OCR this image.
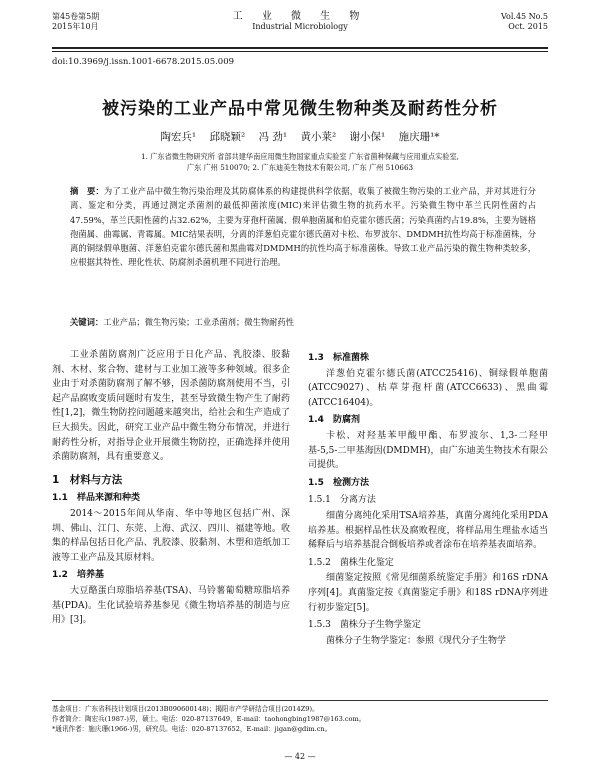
第45卷第5期
2015年10月
工 业 微 生 物
Industrial Microbiology
Vol.45 No.5
Oct. 2015
doi:10.3969/j.issn.1001-6678.2015.05.009
被污染的工业产品中常见微生物种类及耐药性分析
陶宏兵¹ 邱晓颖² 冯 劲¹ 黄小莱² 谢小保¹ 施庆珊¹*
1. 广东省微生物研究所 省部共建华南应用微生物国家重点实验室 广东省菌种保藏与应用重点实验室,
广东 广州 510070; 2. 广东迪美生物技术有限公司, 广东 广州 510663
摘　要：为了工业产品中微生物污染治理及其防腐体系的构建提供科学依据，收集了被微生物污染的工业产品，并对其进行分离、鉴定和分类，再通过测定杀菌剂的最低抑菌浓度(MIC)来评估微生物的抗药水平。污染微生物中革兰氏阴性菌约占47.59%，革兰氏阳性菌约占32.62%，主要为芽孢杆菌属、假单胞菌属和伯克霍尔德氏菌；污染真菌约占19.8%，主要为链格孢菌属、曲霉属、青霉属。MIC结果表明，分离的洋葱伯克霍尔德氏菌对卡松、布罗波尔、DMDMH抗性均高于标准菌株，分离的铜绿假单胞菌、洋葱伯克霍尔德氏菌和黑曲霉对DMDMH的抗性均高于标准菌株。导致工业产品污染的微生物种类较多，应根据其特性、理化性状、防腐剂杀菌机理不同进行治理。
关键词：工业产品；微生物污染；工业杀菌剂；微生物耐药性

工业杀菌防腐剂广泛应用于日化产品、乳胶漆、胶黏剂、木材、浆合物、建材与工业加工液等多种领域。很多企业由于对杀菌防腐剂了解不够，因杀菌防腐剂使用不当，引起产品腐败变质问题时有发生，甚至导致微生物产生了耐药性[1,2]，微生物防控问题越来越突出，给社会和生产造成了巨大损失。因此，研究工业产品中微生物分布情况，并进行耐药性分析，对指导企业开展微生物防控，正确选择并使用杀菌防腐剂，具有重要意义。

1　材料与方法
1.1　样品来源和种类

2014～2015年间从华南、华中等地区包括广州、深圳、佛山、江门、东莞、上海、武汉、四川、福建等地。收集的样品包括日化产品、乳胶漆、胶黏剂、木塑和造纸加工液等工业产品及其原材料。

1.2　培养基

大豆酪蛋白琼脂培养基(TSA)、马铃薯葡萄糖琼脂培养基(PDA)。生化试验培养基参见《微生物培养基的制造与应用》[3]。

1.3　标准菌株

洋葱伯克霍尔德氏菌(ATCC25416)、铜绿假单胞菌(ATCC9027)、枯草芽孢杆菌(ATCC6633)、黑曲霉(ATCC16404)。

1.4　防腐剂

卡松、对羟基苯甲酸甲酯、布罗波尔、1,3-二羟甲基-5,5-二甲基海因(DMDMH)，由广东迪美生物技术有限公司提供。

1.5　检测方法
1.5.1　分离方法

细菌分离纯化采用TSA培养基，真菌分离纯化采用PDA培养基。根据样品性状及腐败程度，将样品用生理盐水适当稀释后与培养基混合倒板培养或者涂布在培养基表面培养。

1.5.2　菌株生化鉴定

细菌鉴定按照《常见细菌系统鉴定手册》和16S rDNA序列[4]。真菌鉴定按《真菌鉴定手册》和18S rDNA序列进行初步鉴定[5]。

1.5.3　菌株分子生物学鉴定

菌株分子生物学鉴定：参照《现代分子生物学

基金项目：广东省科技计划项目(2013B090600148)；揭阳市产学研结合项目(2014Z9)。
作者简介：陶宏兵(1987-)男，硕士。电话：020-87137649，E-mail：taohongbing1987@163.com。
*通讯作者：施庆珊(1966-)男，研究员。电话：020-87137652，E-mail：jigan@gdim.cn。
— 42 —
